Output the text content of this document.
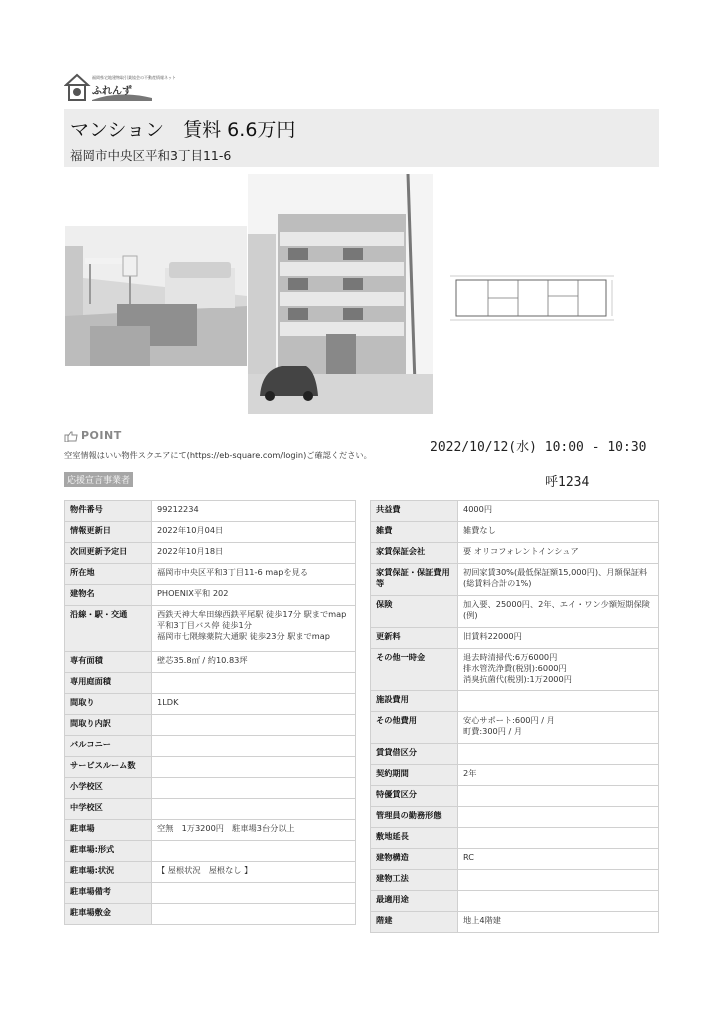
福岡県宅地建物取引業協会の不動産情報ネット
ふれんず
マンション　賃料 6.6万円
福岡市中央区平和3丁目11-6
POINT
空室情報はいい物件スクエアにて(https://eb-square.com/login)ご確認ください。
応援宣言事業者
2022/10/12(水) 10:00 - 10:30
呼1234
物件番号	99212234
情報更新日	2022年10月04日
次回更新予定日	2022年10月18日
所在地	福岡市中央区平和3丁目11-6 mapを見る
建物名	PHOENIX平和 202
沿線・駅・交通	西鉄天神大牟田線西鉄平尾駅 徒歩17分 駅までmap
平和3丁目バス停 徒歩1分
福岡市七隈線薬院大通駅 徒歩23分 駅までmap
専有面積	壁芯35.8㎡ / 約10.83坪
専用庭面積	
間取り	1LDK
間取り内訳	
バルコニー	
サービスルーム数	
小学校区	
中学校区	
駐車場	空無　1万3200円　駐車場3台分以上
駐車場:形式	
駐車場:状況	【 屋根状況　屋根なし 】
駐車場備考	
駐車場敷金	
共益費	4000円
雑費	雑費なし
家賃保証会社	要 オリコフォレントインシュア
家賃保証・保証費用等	初回家賃30%(最低保証額15,000円)、月額保証料(総賃料合計の1%)
保険	加入要、25000円、2年、エイ・ワン少額短期保険(例)
更新料	旧賃料22000円
その他一時金	退去時清掃代:6万6000円
排水管洗浄費(税別):6000円
消臭抗菌代(税別):1万2000円
施設費用	
その他費用	安心サポート:600円 / 月
町費:300円 / 月
賃貸借区分	
契約期間	2年
特優賃区分	
管理員の勤務形態	
敷地延長	
建物構造	RC
建物工法	
最適用途	
階建	地上4階建
